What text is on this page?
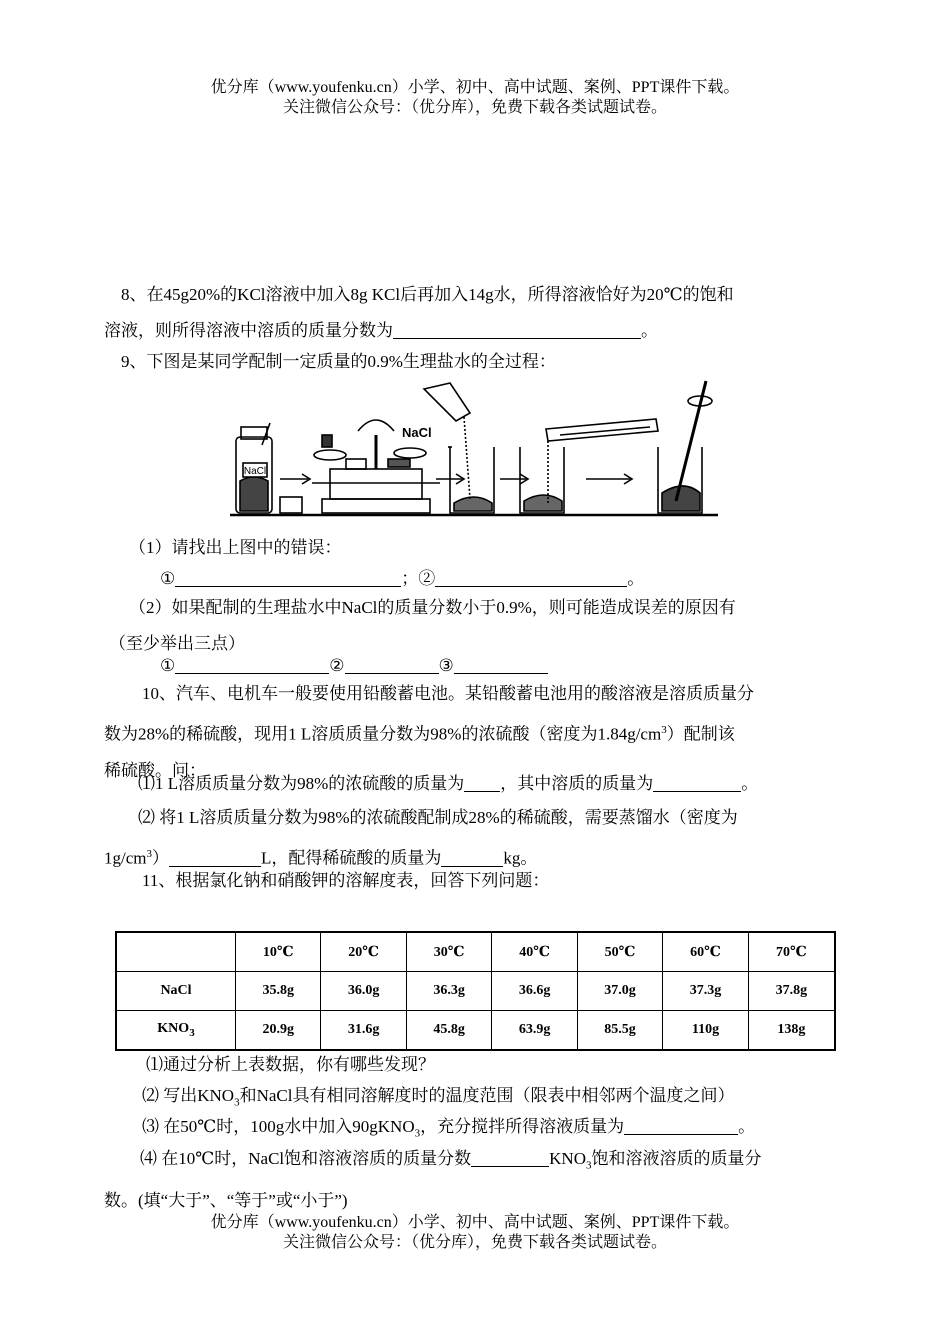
优分库（www.youfenku.cn）小学、初中、高中试题、案例、PPT课件下载。
关注微信公众号：（优分库），免费下载各类试题试卷。
8、在45g20%的KCl溶液中加入8g KCl后再加入14g水，所得溶液恰好为20℃的饱和
溶液，则所得溶液中溶质的质量分数为	。
9、下图是某同学配制一定质量的0.9%生理盐水的全过程：
NaCl
NaCl
（1）请找出上图中的错误：
①	；②	。
（2）如果配制的生理盐水中NaCl的质量分数小于0.9%，则可能造成误差的原因有
（至少举出三点）
①	②	③
10、汽车、电机车一般要使用铅酸蓄电池。某铅酸蓄电池用的酸溶液是溶质质量分
数为28%的稀硫酸，现用1 L溶质质量分数为98%的浓硫酸（密度为$1.84g/cm^3$）配制该
稀硫酸。问：
⑴1 L溶质质量分数为98%的浓硫酸的质量为 ，其中溶质的质量为	。
⑵ 将1 L溶质质量分数为98%的浓硫酸配制成28%的稀硫酸，需要蒸馏水（密度为
$1g/cm^3$）	L，配得稀硫酸的质量为	kg。
11、根据氯化钠和硝酸钾的溶解度表，回答下列问题：
	10℃	20℃	30℃	40℃	50℃	60℃	70℃
NaCl	35.8g	36.0g	36.3g	36.6g	37.0g	37.3g	37.8g
$KNO_3$	20.9g	31.6g	45.8g	63.9g	85.5g	110g	138g
⑴通过分析上表数据，你有哪些发现？
⑵ 写出$KNO_3$和NaCl具有相同溶解度时的温度范围（限表中相邻两个温度之间）
⑶ 在50℃时，100g水中加入90gKNO$_3$，充分搅拌所得溶液质量为	。
⑷ 在10℃时，NaCl饱和溶液溶质的质量分数	$KNO_3$饱和溶液溶质的质量分
数。(填“大于”、“等于”或“小于”)
优分库（www.youfenku.cn）小学、初中、高中试题、案例、PPT课件下载。
关注微信公众号：（优分库），免费下载各类试题试卷。
